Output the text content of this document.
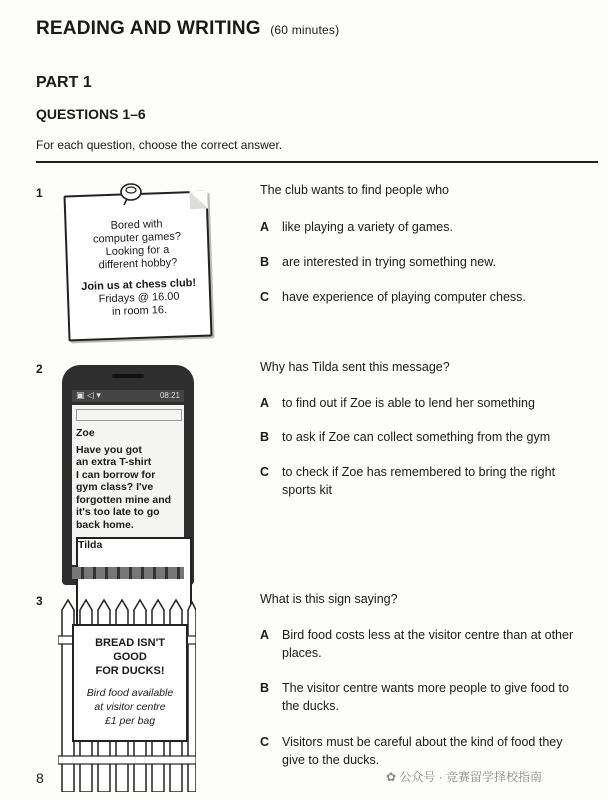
READING AND WRITING (60 minutes)
PART 1
QUESTIONS 1–6
For each question, choose the correct answer.
1
Bored with
computer games?
Looking for a
different hobby?
Join us at chess club!
Fridays @ 16.00
in room 16.
The club wants to find people who
A like playing a variety of games.
B are interested in trying something new.
C have experience of playing computer chess.
2
▣ ◁ ▾	08:21
Zoe
Have you got
an extra T-shirt
I can borrow for
gym class? I've
forgotten mine and
it's too late to go
back home.
Tilda
Why has Tilda sent this message?
A to find out if Zoe is able to lend her something
B to ask if Zoe can collect something from the gym
C to check if Zoe has remembered to bring the right sports kit
3
BREAD ISN'T
GOOD
FOR DUCKS!
Bird food available
at visitor centre
£1 per bag
What is this sign saying?
A Bird food costs less at the visitor centre than at other places.
B The visitor centre wants more people to give food to the ducks.
C Visitors must be careful about the kind of food they give to the ducks.
8	✿ 公众号 · 竞赛留学择校指南
